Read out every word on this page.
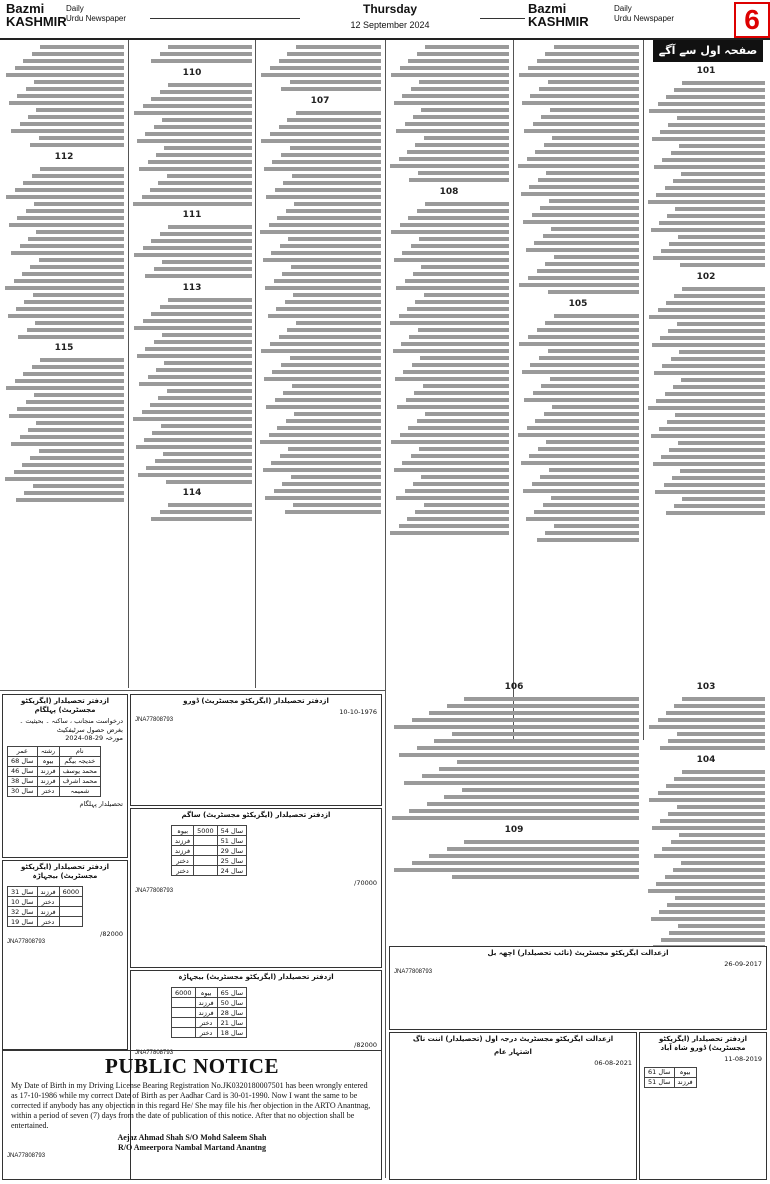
Bazmi
KASHMIR
Daily
Urdu Newspaper
Thursday
12 September 2024
Bazmi
KASHMIR
Daily
Urdu Newspaper	6
صفحہ اول سے آگے
101
102
103
104
105
108
106
109
107
110
111
113
114
112
115
ازدفتر تحصیلدار (ایگزیکٹو مجسٹریٹ) پہلگام
درخواست منجانب ، ساکنہ ۔ بحیثیت ۔ بغرض حصول سرٹیفکیٹ
مورخہ 29-08-2024
عمر	رشتہ	نام
68 سال	بیوہ	خدیجہ بیگم
46 سال	فرزند	محمد یوسف
38 سال	فرزند	محمد اشرف
30 سال	دختر	شمیمہ
تحصیلدار پہلگام
ازدفتر تحصیلدار (ایگزیکٹو مجسٹریٹ) بیجہاڑہ
31 سال	فرزند	6000
10 سال	دختر	
32 سال	فرزند	
19 سال	دختر	
82000/
JNA77808793
ازدفتر تحصیلدار (ایگزیکٹو مجسٹریٹ) ڈورو
10-10-1976
JNA77808793
ازدفتر تحصیلدار (ایگزیکٹو مجسٹریٹ) ساگم
بیوہ	5000	54 سال
فرزند		51 سال
فرزند		29 سال
دختر		25 سال
دختر		24 سال
70000/
JNA77808793
ازدفتر تحصیلدار (ایگزیکٹو مجسٹریٹ) بیجہاڑہ
6000	بیوہ	65 سال
	فرزند	50 سال
	فرزند	28 سال
	دختر	21 سال
	دختر	18 سال
82000/
JNA77808793
ازعدالت ایگزیکٹو مجسٹریٹ (نائب تحصیلدار) اچھہ بل
26-09-2017
JNA77808793
ازعدالت ایگزیکٹو مجسٹریٹ درجہ اول (تحصیلدار) اننت ناگ
اشتہار عام
06-08-2021
ازدفتر تحصیلدار (ایگزیکٹو مجسٹریٹ) ڈورو شاہ آباد
11-08-2019
61 سال	بیوہ
51 سال	فرزند
PUBLIC NOTICE
My Date of Birth in my Driving License Bearing Registration No.JK0320180007501 has been wrongly entered as 17-10-1986 while my correct Date of Birth as per Aadhar Card is 30-01-1990. Now I want the same to be corrected if anybody has any objection in this regard He/ She may file his /her objection in the ARTO Anantnag, within a period of seven (7) days from the date of publication of this notice. After that no objection shall be entertained.
Aejaz Ahmad Shah S/O Mohd Saleem Shah
R/O Ameerpora Nambal Martand Anantng
JNA77808793
